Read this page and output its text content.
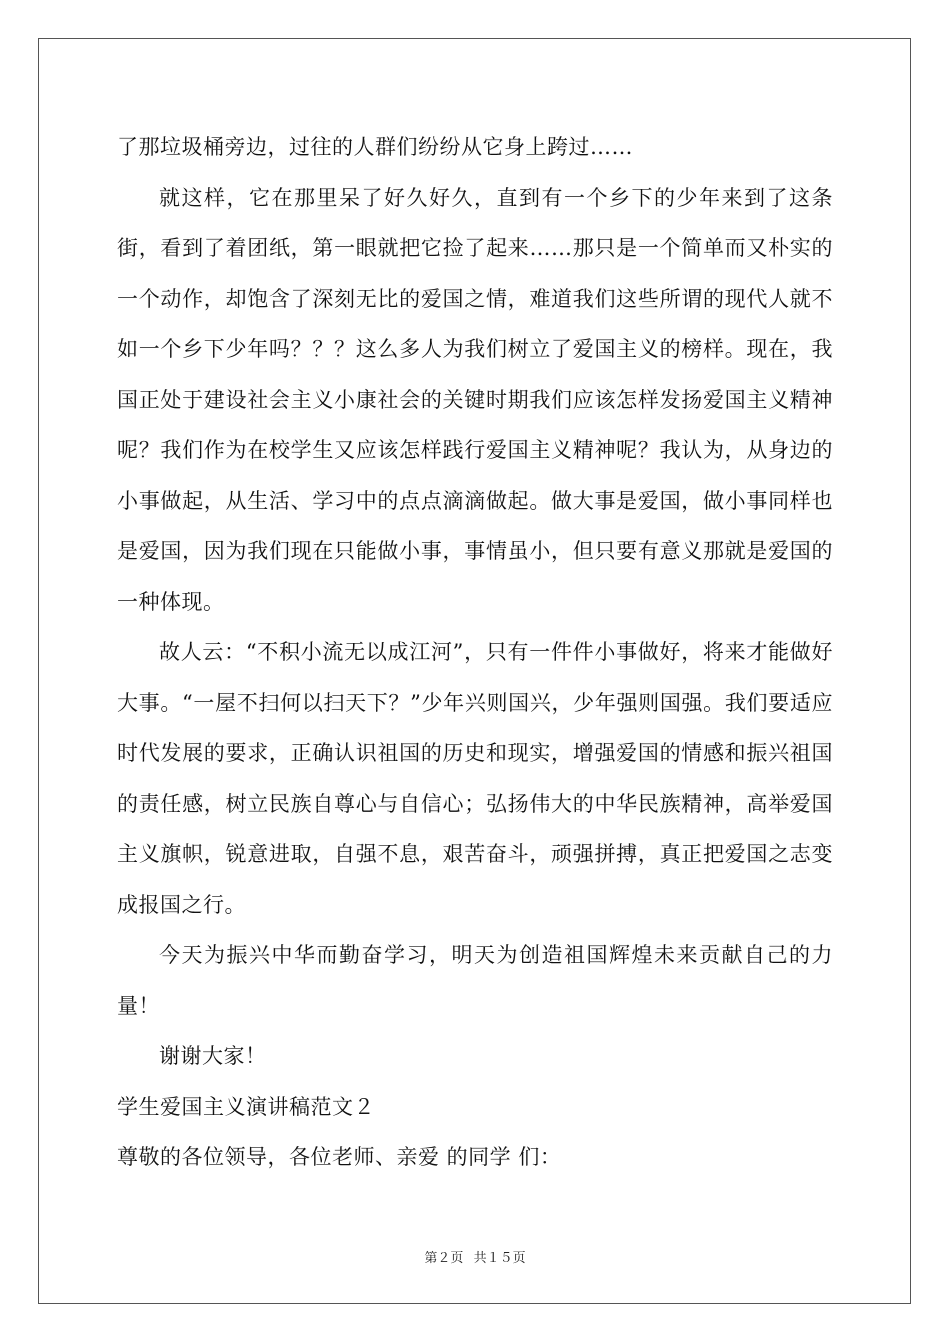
了那垃圾桶旁边，过往的人群们纷纷从它身上跨过……

就这样，它在那里呆了好久好久，直到有一个乡下的少年来到了这条街，看到了着团纸，第一眼就把它捡了起来……那只是一个简单而又朴实的一个动作，却饱含了深刻无比的爱国之情，难道我们这些所谓的现代人就不如一个乡下少年吗？？？这么多人为我们树立了爱国主义的榜样。现在，我国正处于建设社会主义小康社会的关键时期我们应该怎样发扬爱国主义精神呢？我们作为在校学生又应该怎样践行爱国主义精神呢？我认为，从身边的小事做起，从生活、学习中的点点滴滴做起。做大事是爱国，做小事同样也是爱国，因为我们现在只能做小事，事情虽小，但只要有意义那就是爱国的一种体现。

故人云：“不积小流无以成江河”，只有一件件小事做好，将来才能做好大事。“一屋不扫何以扫天下？”少年兴则国兴，少年强则国强。我们要适应时代发展的要求，正确认识祖国的历史和现实，增强爱国的情感和振兴祖国的责任感，树立民族自尊心与自信心；弘扬伟大的中华民族精神，高举爱国主义旗帜，锐意进取，自强不息，艰苦奋斗，顽强拼搏，真正把爱国之志变成报国之行。

今天为振兴中华而勤奋学习，明天为创造祖国辉煌未来贡献自己的力量！

谢谢大家！

学生爱国主义演讲稿范文２

尊敬的各位领导，各位老师、亲爱 的同学 们：

第２页 共１５页
